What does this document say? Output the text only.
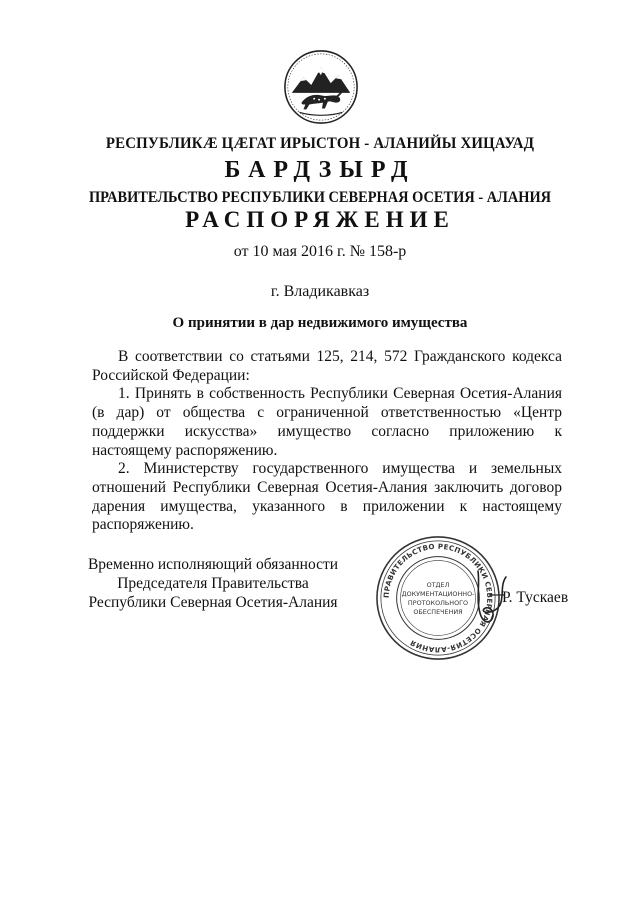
РЕСПУБЛИКӔ ЦӔГАТ ИРЫСТОН - АЛАНИЙЫ ХИЦАУАД
БАРДЗЫРД
ПРАВИТЕЛЬСТВО РЕСПУБЛИКИ СЕВЕРНАЯ ОСЕТИЯ - АЛАНИЯ
РАСПОРЯЖЕНИЕ
от 10 мая 2016 г. № 158-р
г. Владикавказ
О принятии в дар недвижимого имущества

В соответствии со статьями 125, 214, 572 Гражданского кодекса Российской Федерации:

1. Принять в собственность Республики Северная Осетия-Алания (в дар) от общества с ограниченной ответственностью «Центр поддержки искусства» имущество согласно приложению к настоящему распоряжению.

2. Министерству государственного имущества и земельных отношений Республики Северная Осетия-Алания заключить договор дарения имущества, указанного в приложении к настоящему распоряжению.

Временно исполняющий обязанности
Председателя Правительства
Республики Северная Осетия-Алания	ПРАВИТЕЛЬСТВО РЕСПУБЛИКИ СЕВЕРНАЯ ОСЕТИЯ-АЛАНИЯ
ОТДЕЛ
ДОКУМЕНТАЦИОННО-
ПРОТОКОЛЬНОГО
ОБЕСПЕЧЕНИЯ
Р. Тускаев
